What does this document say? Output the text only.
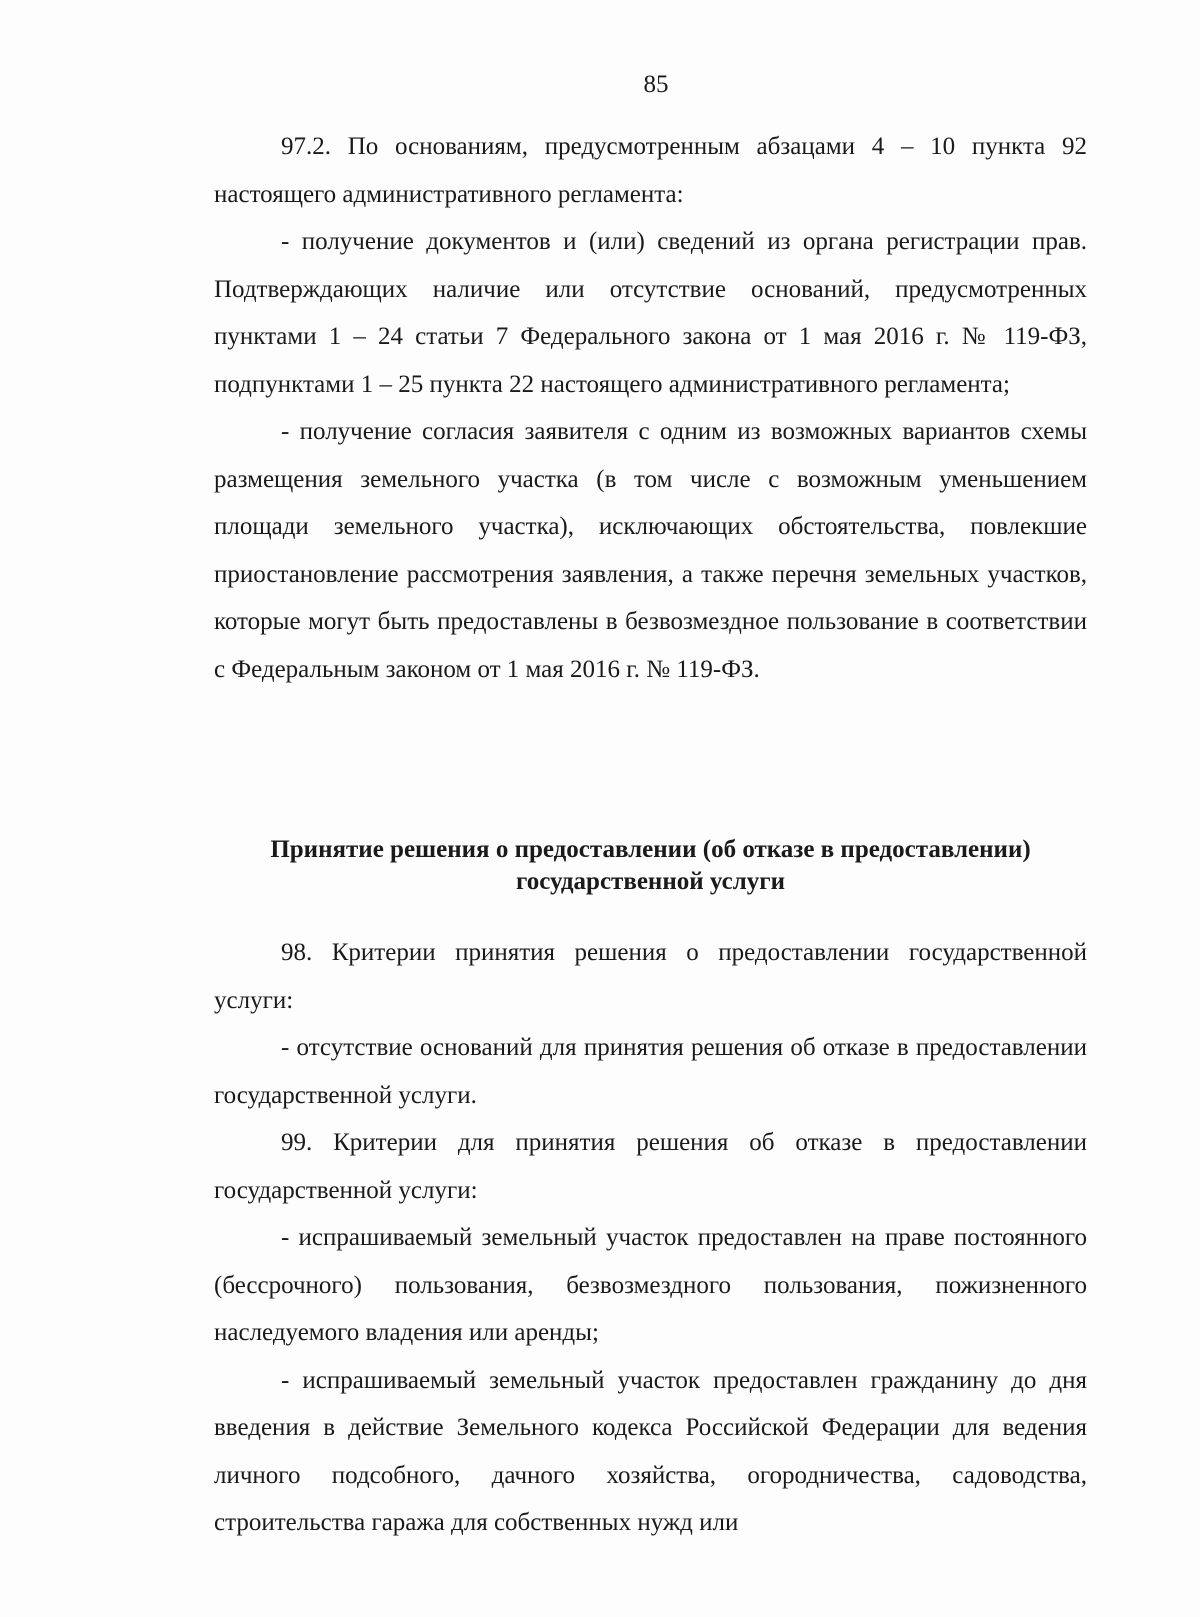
85

97.2. По основаниям, предусмотренным абзацами 4 – 10 пункта 92 настоящего административного регламента:

- получение документов и (или) сведений из органа регистрации прав. Подтверждающих наличие или отсутствие оснований, предусмотренных пунктами 1 – 24 статьи 7 Федерального закона от 1 мая 2016 г. № 119-ФЗ, подпунктами 1 – 25 пункта 22 настоящего административного регламента;

- получение согласия заявителя с одним из возможных вариантов схемы размещения земельного участка (в том числе с возможным уменьшением площади земельного участка), исключающих обстоятельства, повлекшие приостановление рассмотрения заявления, а также перечня земельных участков, которые могут быть предоставлены в безвозмездное пользование в соответствии с Федеральным законом от 1 мая 2016 г. № 119-ФЗ.

Принятие решения о предоставлении (об отказе в предоставлении)

государственной услуги

98. Критерии принятия решения о предоставлении государственной услуги:

- отсутствие оснований для принятия решения об отказе в предоставлении государственной услуги.

99. Критерии для принятия решения об отказе в предоставлении государственной услуги:

- испрашиваемый земельный участок предоставлен на праве постоянного (бессрочного) пользования, безвозмездного пользования, пожизненного наследуемого владения или аренды;

- испрашиваемый земельный участок предоставлен гражданину до дня введения в действие Земельного кодекса Российской Федерации для ведения личного подсобного, дачного хозяйства, огородничества, садоводства, строительства гаража для собственных нужд или
